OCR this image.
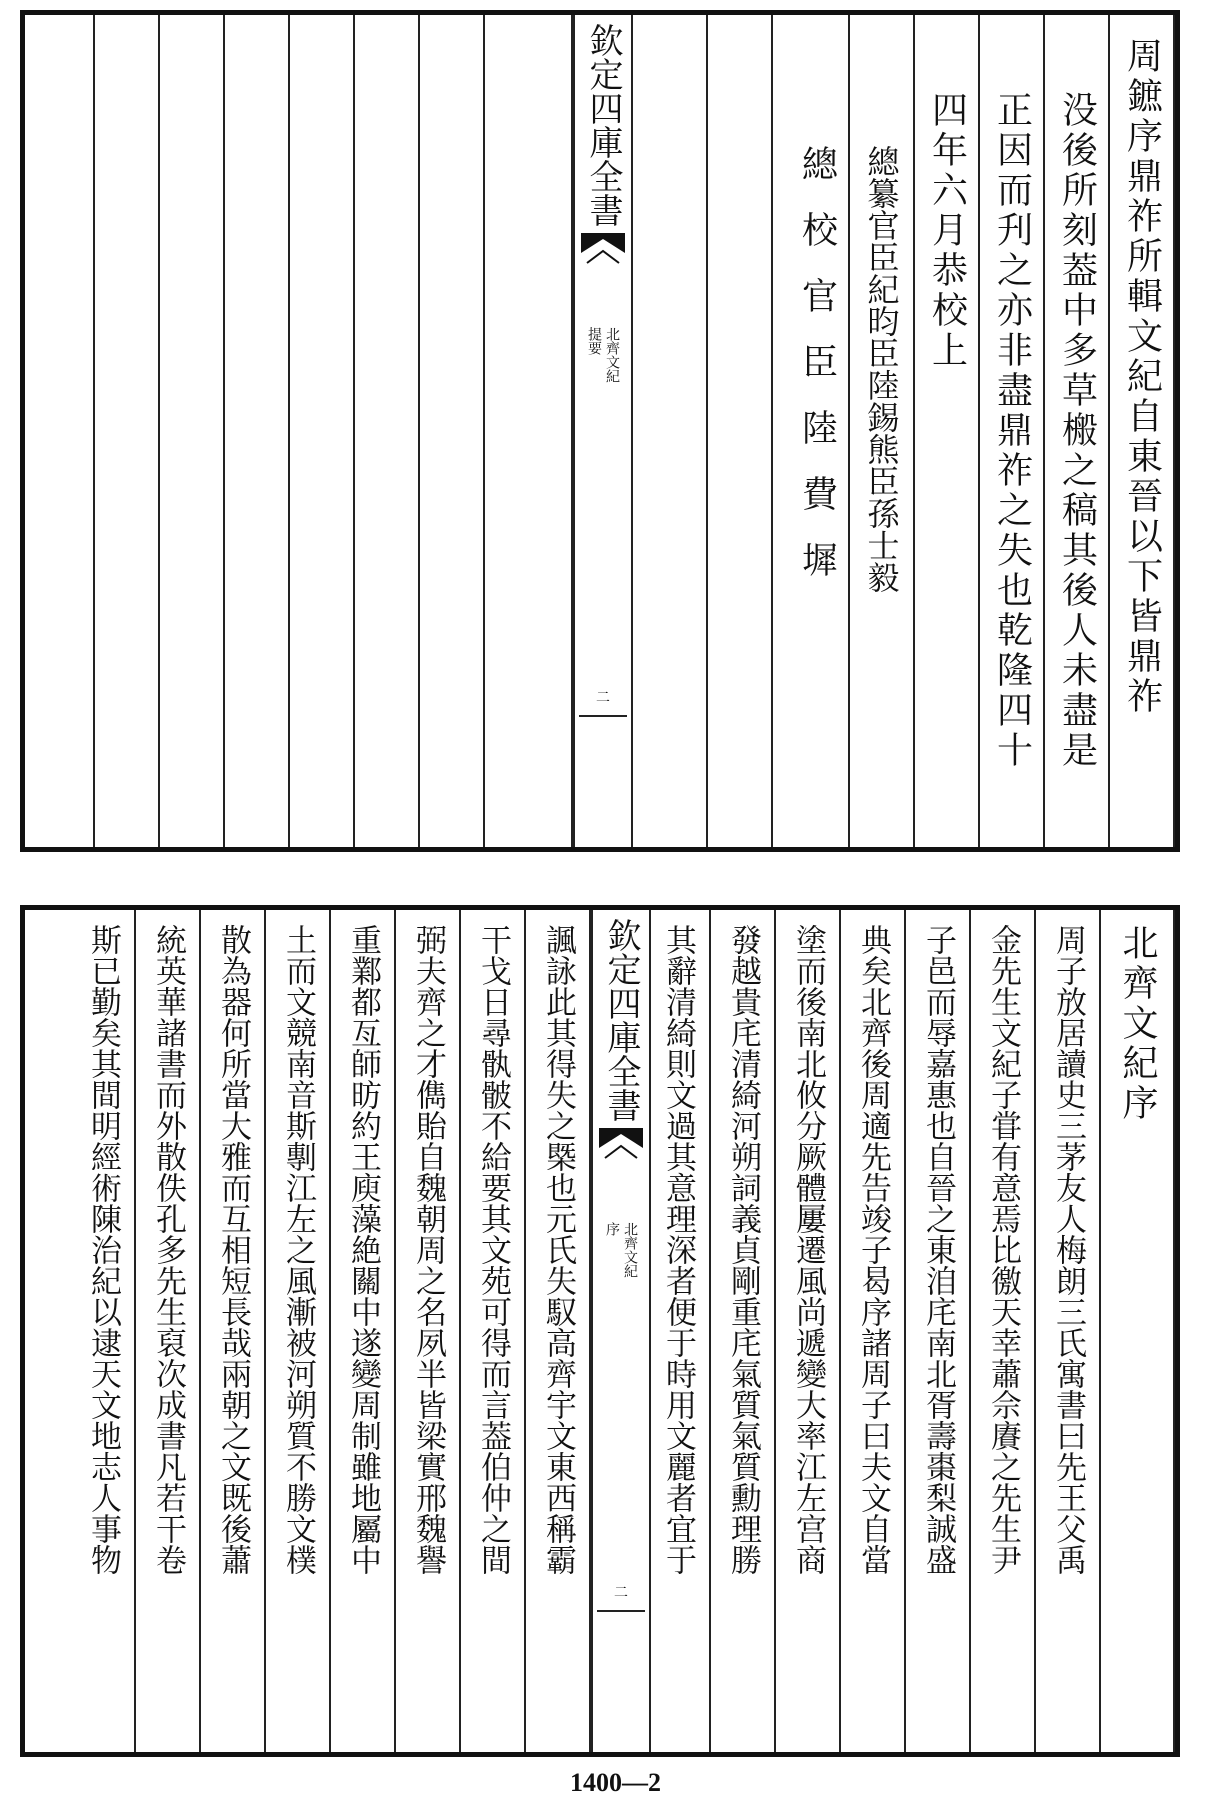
周鏣序鼎祚所輯文紀自東晉以下皆鼎祚
没後所刻葢中多草㮽之稿其後人未盡是
正因而刋之亦非盡鼎祚之失也乾隆四十
四年六月恭校上
總纂官臣紀昀臣陸錫熊臣孫士毅
總校官臣陸費墀
欽定四庫全書
北齊文紀
提要
二
北齊文紀序
周子放居讀史三茅友人梅朗三氏寓書曰先王父禹
金先生文紀子甞有意焉比徼天幸蕭佘賡之先生尹
子邑而辱嘉惠也自晉之東洎㡯南北胥壽棗梨誠盛
典矣北齊後周適先告竣子曷序諸周子曰夫文自當
塗而後南北攸分厥體屢遷風尚遞變大率江左宫商
發越貴㡯清綺河朔詞義貞剛重㡯氣質氣質勳理勝
其辭清綺則文過其意理深者便于時用文麗者宜于
欽定四庫全書
北齊文紀
序
二
諷詠此其得失之槩也元氏失馭高齊宇文東西稱霸
干戈日尋骫骳不給要其文苑可得而言葢伯仲之間
弼夫齊之才儁貽自魏朝周之名夙半皆梁實邢魏譽
重鄴都亙師昉約王庾藻絶關中遂變周制雖地屬中
土而文競南音斯剸江左之風漸被河朔質不勝文樸
散為器何所當大雅而互相短長哉兩朝之文既後蕭
統英華諸書而外散佚孔多先生裒次成書凡若干卷
斯已勤矣其間明經術陳治紀以逮天文地志人事物
1400—2
